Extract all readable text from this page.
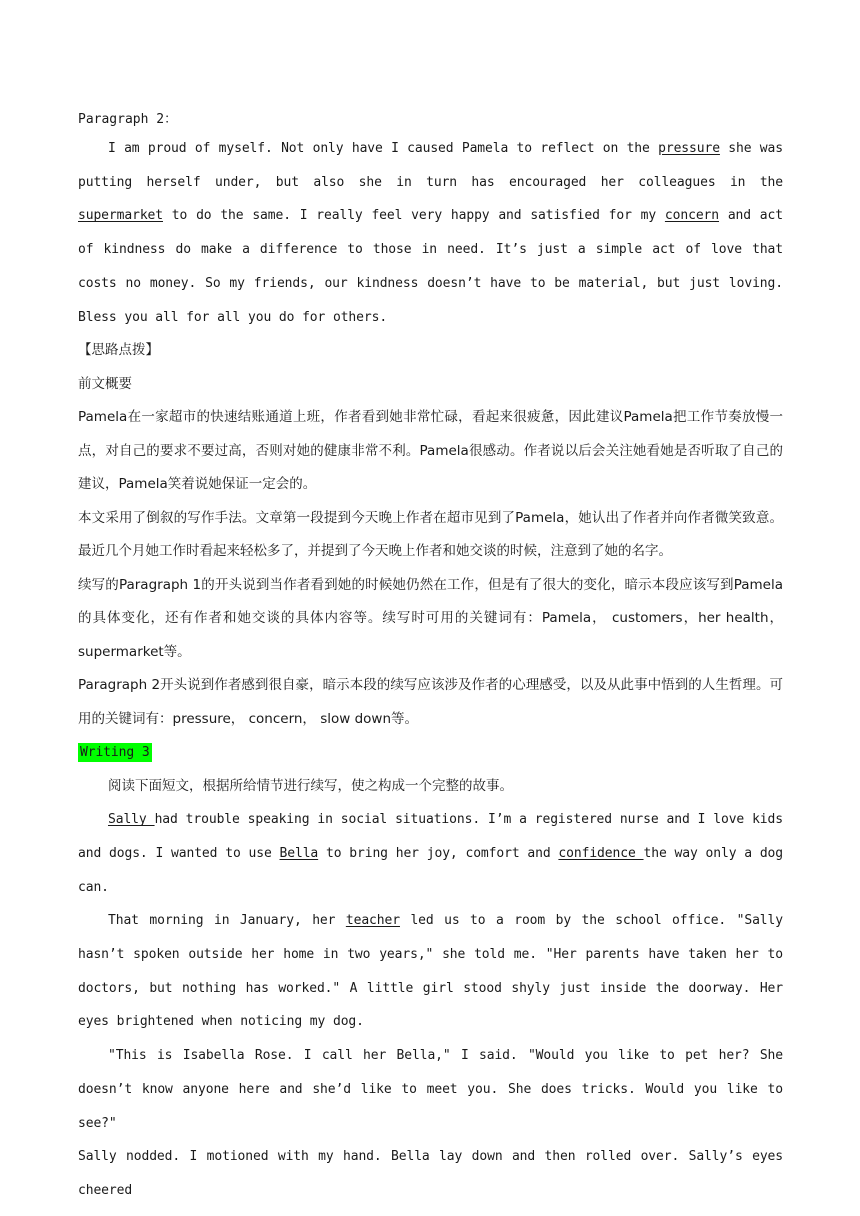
Paragraph 2：

I am proud of myself. Not only have I caused Pamela to reflect on the pressure she was putting herself under, but also she in turn has encouraged her colleagues in the supermarket to do the same. I really feel very happy and satisfied for my concern and act of kindness do make a difference to those in need. It’s just a simple act of love that costs no money. So my friends, our kindness doesn’t have to be material, but just loving. Bless you all for all you do for others.

【思路点拨】

前文概要

Pamela在一家超市的快速结账通道上班，作者看到她非常忙碌，看起来很疲惫，因此建议Pamela把工作节奏放慢一点，对自己的要求不要过高，否则对她的健康非常不利。Pamela很感动。作者说以后会关注她看她是否听取了自己的建议，Pamela笑着说她保证一定会的。

本文采用了倒叙的写作手法。文章第一段提到今天晚上作者在超市见到了Pamela，她认出了作者并向作者微笑致意。最近几个月她工作时看起来轻松多了，并提到了今天晚上作者和她交谈的时候，注意到了她的名字。

续写的Paragraph 1的开头说到当作者看到她的时候她仍然在工作，但是有了很大的变化，暗示本段应该写到Pamela的具体变化，还有作者和她交谈的具体内容等。续写时可用的关键词有：Pamela， customers，her health， supermarket等。

Paragraph 2开头说到作者感到很自豪，暗示本段的续写应该涉及作者的心理感受，以及从此事中悟到的人生哲理。可用的关键词有：pressure， concern， slow down等。

Writing 3

阅读下面短文，根据所给情节进行续写，使之构成一个完整的故事。

Sally had trouble speaking in social situations. I’m a registered nurse and I love kids and dogs. I wanted to use Bella to bring her joy, comfort and confidence the way only a dog can.

That morning in January, her teacher led us to a room by the school office. "Sally hasn’t spoken outside her home in two years," she told me. "Her parents have taken her to doctors, but nothing has worked." A little girl stood shyly just inside the doorway. Her eyes brightened when noticing my dog.

"This is Isabella Rose. I call her Bella," I said. "Would you like to pet her? She doesn’t know anyone here and she’d like to meet you. She does tricks. Would you like to see?"

Sally nodded. I motioned with my hand. Bella lay down and then rolled over. Sally’s eyes cheered
